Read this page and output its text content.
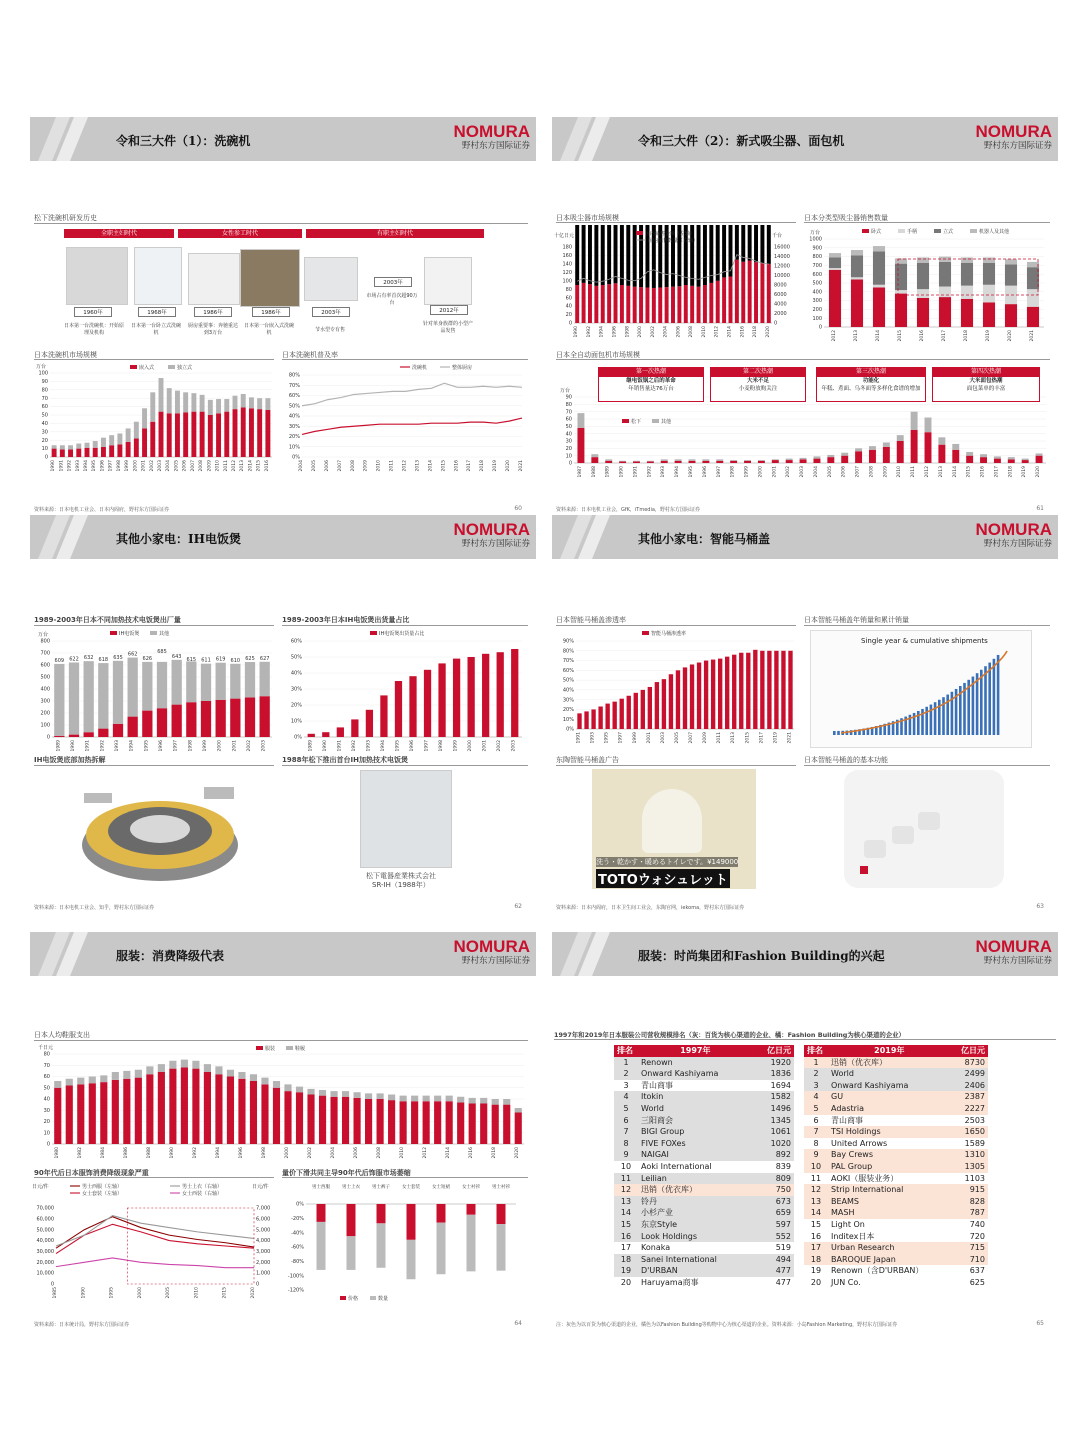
令和三大件（1）：洗碗机	NOMURA
野村东方国际证券
松下洗碗机研发历史
全职主妇时代	女性参工时代	有职主妇时代
1960年	1968年	1986年	1986年	2003年
2003年
2012年
日本第一台洗碗机：开始原理及机构
日本第一台卧立式洗碗机
厨房重要事：奔驰重达到3万台
日本第一台嵌入式洗碗机	节水型专有售
市场占有率首次超90万台
针对单身族群的小型产品发售
日本洗碗机市场规模
0
10
20
30
40
50
60
70
80
90
100
1990 1991 1992 1993 1994 1995 1996 1997 1998 1999 2000 2001 2002 2003 2004 2005 2006 2007 2008 2009 2010 2011 2012 2013 2014 2015 2016
万台	嵌入式	独立式
日本洗碗机普及率
0%
10%
20%
30%
40%
50%
60%
70%
80%
2004 2005 2006 2007 2008 2009 2010 2011 2012 2013 2014 2015 2016 2017 2018 2019 2020 2021
洗碗机	整体厨房
资料来源：日本电机工业会、日本内阁府，野村东方国际证券	60
令和三大件（2）：新式吸尘器、面包机	NOMURA
野村东方国际证券
日本吸尘器市场规模
0
20
40
60
80
100
120
140
160
180
1990 1992 1994 1996 1998 2000 2002 2004 2006 2008 2010 2012 2014 2016 2018 2020
国内销售金额（左轴）
0
2000
4000
6000
8000
10000
12000
14000
16000
国内销售数量（右轴）
十亿日元	千台
日本分类型吸尘器销售数量
0
100
200
300
400
500
600
700
800
900
1000
2012	2013	2014	2015	2016	2017	2018	2019	2020	2021
万台	卧式	手柄	立式	机器人及其他
日本全自动面包机市场规模
0
10
20
30
40
50
60
70
80
90
1987 1988 1989 1990 1991 1992 1993 1994 1995 1996 1997 1998 1999 2000 2001 2002 2003 2004 2005 2006 2007 2008 2009 2010 2011 2012 2013 2014 2015 2016 2017 2018 2019 2020
万台
松下	其他
第一次热潮
继电饭锅之后的革命
年销售量达76万台
第二次热潮
大米不足
小麦粉放购关注
第三次热潮
功能化
年糕、煮面、乌冬面等多样化食谱的增加
第四次热潮
大米面包热潮
面包菜单的丰富
资料来源：日本电机工业会，GfK，iTmedia，野村东方国际证券	61
其他小家电：IH电饭煲	NOMURA
野村东方国际证券
1989-2003年日本不同加热技术电饭煲出厂量
0
100
200
300
400
500
600
700
800
1989 1990 1991 1992 1993 1994 1995 1996 1997 1998 1999 2000 2001 2002 2003
万台	IH电饭煲	其他
609 622 632 618 635
662
626
685
643
615 611 619 610 625 627
1989-2003年日本IH电饭煲出货量占比
0%
10%
20%
30%
40%
50%
60%
1989 1990 1991 1992 1993 1994 1995 1996 1997 1998 1999 2000 2001 2002 2003
IH电饭煲出货量占比
IH电饭煲底部加热拆解	1988年松下推出首台IH加热技术电饭煲
松下電器産業株式会社
SR-IH（1988年）
资料来源：日本电机工业会、知乎，野村东方国际证券	62
其他小家电：智能马桶盖	NOMURA
野村东方国际证券
日本智能马桶盖渗透率
0%
10%
20%
30%
40%
50%
60%
70%
80%
90%
1991 1993 1995 1997 1999 2001 2003 2005 2007 2009 2011 2013 2015 2017 2019 2021
智能马桶渗透率
日本智能马桶盖年销量和累计销量
Single year & cumulative shipments
东陶智能马桶盖广告
洗う・乾かす・暖めるトイレです。¥149000
TOTOウォシュレット
日本智能马桶盖的基本功能
资料来源：日本内阁府，日本卫生间工业会，东陶官网，iekoma，野村东方国际证券	63
服装：消费降级代表	NOMURA
野村东方国际证券
日本人均鞋服支出
0
10
20
30
40
50
60
70
80
1980	1982	1984	1986	1988	1990	1992	1994	1996	1998	2000	2002	2004	2006	2008	2010	2012	2014	2016	2018	2020
千日元	服装	鞋履
90年代后日本服饰消费降级现象严重
0	0
10,000	1,000
20,000	2,000
30,000	3,000
40,000	4,000
50,000	5,000
60,000	6,000
70,000	7,000
1985	1990	1995	2000	2005	2010	2015	2020
男士西服（左轴）
女士套装（左轴）
男士上衣（右轴）
女士西装（右轴）
日元/件	日元/件
量价下滑共同主导90年代后饰服市场萎缩
0%
-20%
-40%
-60%
-80%
-100%
-120%
男士西服	男士上衣	男士裤子	女士套装	女士短裙	女士衬衫	男士衬衫
价格	数量
资料来源：日本统计局，野村东方国际证券	64
服装：时尚集团和Fashion Building的兴起	NOMURA
野村东方国际证券
1997年和2019年日本服装公司营收规模排名（灰：百货为核心渠道的企业、橘：Fashion Building为核心渠道的企业）
排名	1997年	亿日元
1	Renown	1920
2	Onward Kashiyama	1836
3	青山商事	1694
4	Itokin	1582
5	World	1496
6	三阳商会	1345
7	BIGI Group	1061
8	FIVE FOXes	1020
9	NAIGAI	892
10	Aoki International	839
11	Leilian	809
12	迅销（优衣库）	750
13	铃丹	673
14	小杉产业	659
15	东京Style	597
16	Look Holdings	552
17	Konaka	519
18	Sanei International	494
19	D'URBAN	477
20	Haruyama商事	477
排名	2019年	亿日元
1	迅销（优衣库）	8730
2	World	2499
3	Onward Kashiyama	2406
4	GU	2387
5	Adastria	2227
6	青山商事	2503
7	TSI Holdings	1650
8	United Arrows	1589
9	Bay Crews	1310
10	PAL Group	1305
11	AOKI（服装业务）	1103
12	Strip International	915
13	BEAMS	828
14	MASH	787
15	Light On	740
16	Inditex日本	720
17	Urban Research	715
18	BAROQUE Japan	710
19	Renown（含D'URBAN）	637
20	JUN Co.	625
注：灰色为以百货为核心渠道的企业，橘色为以Fashion Building等购物中心为核心渠道的企业。资料来源：小岛Fashion Marketing，野村东方国际证券	65
